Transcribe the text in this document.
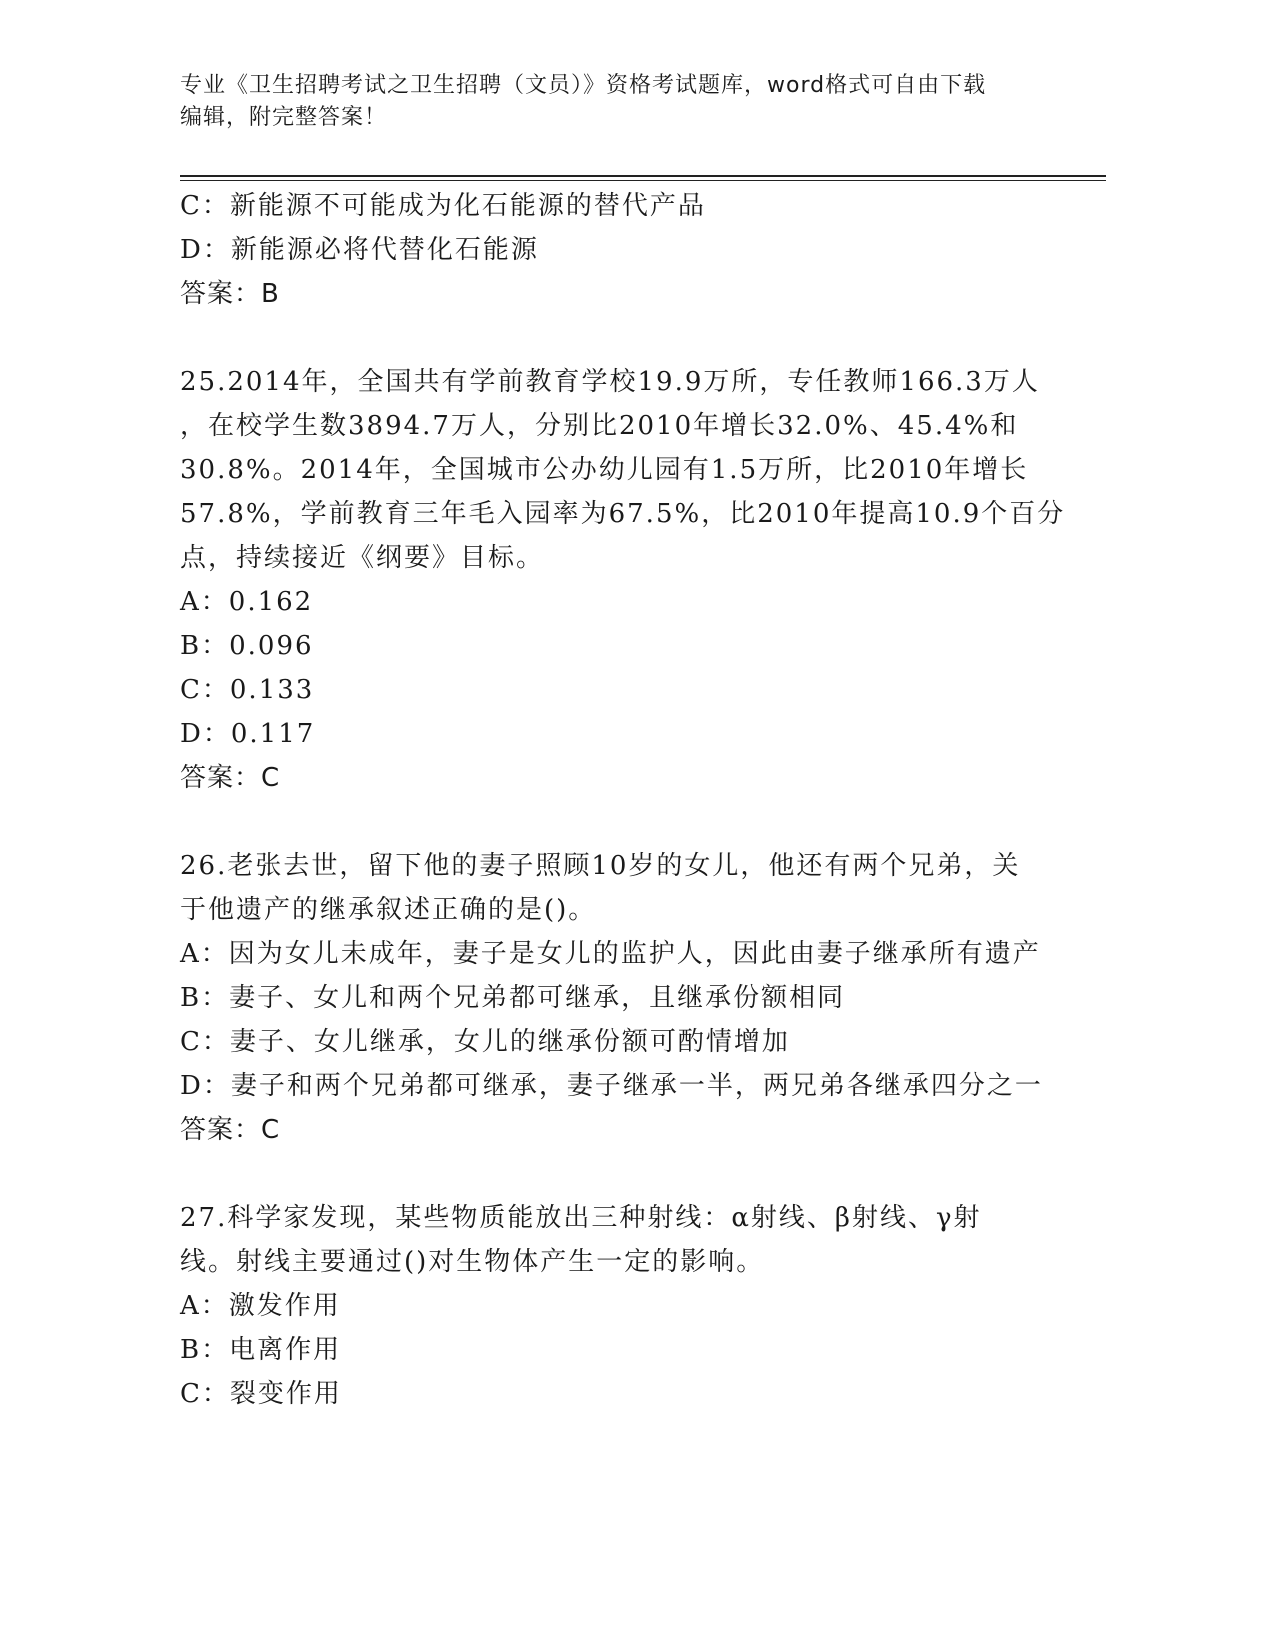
专业《卫生招聘考试之卫生招聘（文员）》资格考试题库，word格式可自由下载
编辑，附完整答案！
C：新能源不可能成为化石能源的替代产品
D：新能源必将代替化石能源
答案：B
25.2014年，全国共有学前教育学校19.9万所，专任教师166.3万人
，在校学生数3894.7万人，分别比2010年增长32.0%、45.4%和
30.8%。2014年，全国城市公办幼儿园有1.5万所，比2010年增长
57.8%，学前教育三年毛入园率为67.5%，比2010年提高10.9个百分
点，持续接近《纲要》目标。
A：0.162
B：0.096
C：0.133
D：0.117
答案：C
26.老张去世，留下他的妻子照顾10岁的女儿，他还有两个兄弟，关
于他遗产的继承叙述正确的是()。
A：因为女儿未成年，妻子是女儿的监护人，因此由妻子继承所有遗产
B：妻子、女儿和两个兄弟都可继承，且继承份额相同
C：妻子、女儿继承，女儿的继承份额可酌情增加
D：妻子和两个兄弟都可继承，妻子继承一半，两兄弟各继承四分之一
答案：C
27.科学家发现，某些物质能放出三种射线：α射线、β射线、γ射
线。射线主要通过()对生物体产生一定的影响。
A：激发作用
B：电离作用
C：裂变作用
